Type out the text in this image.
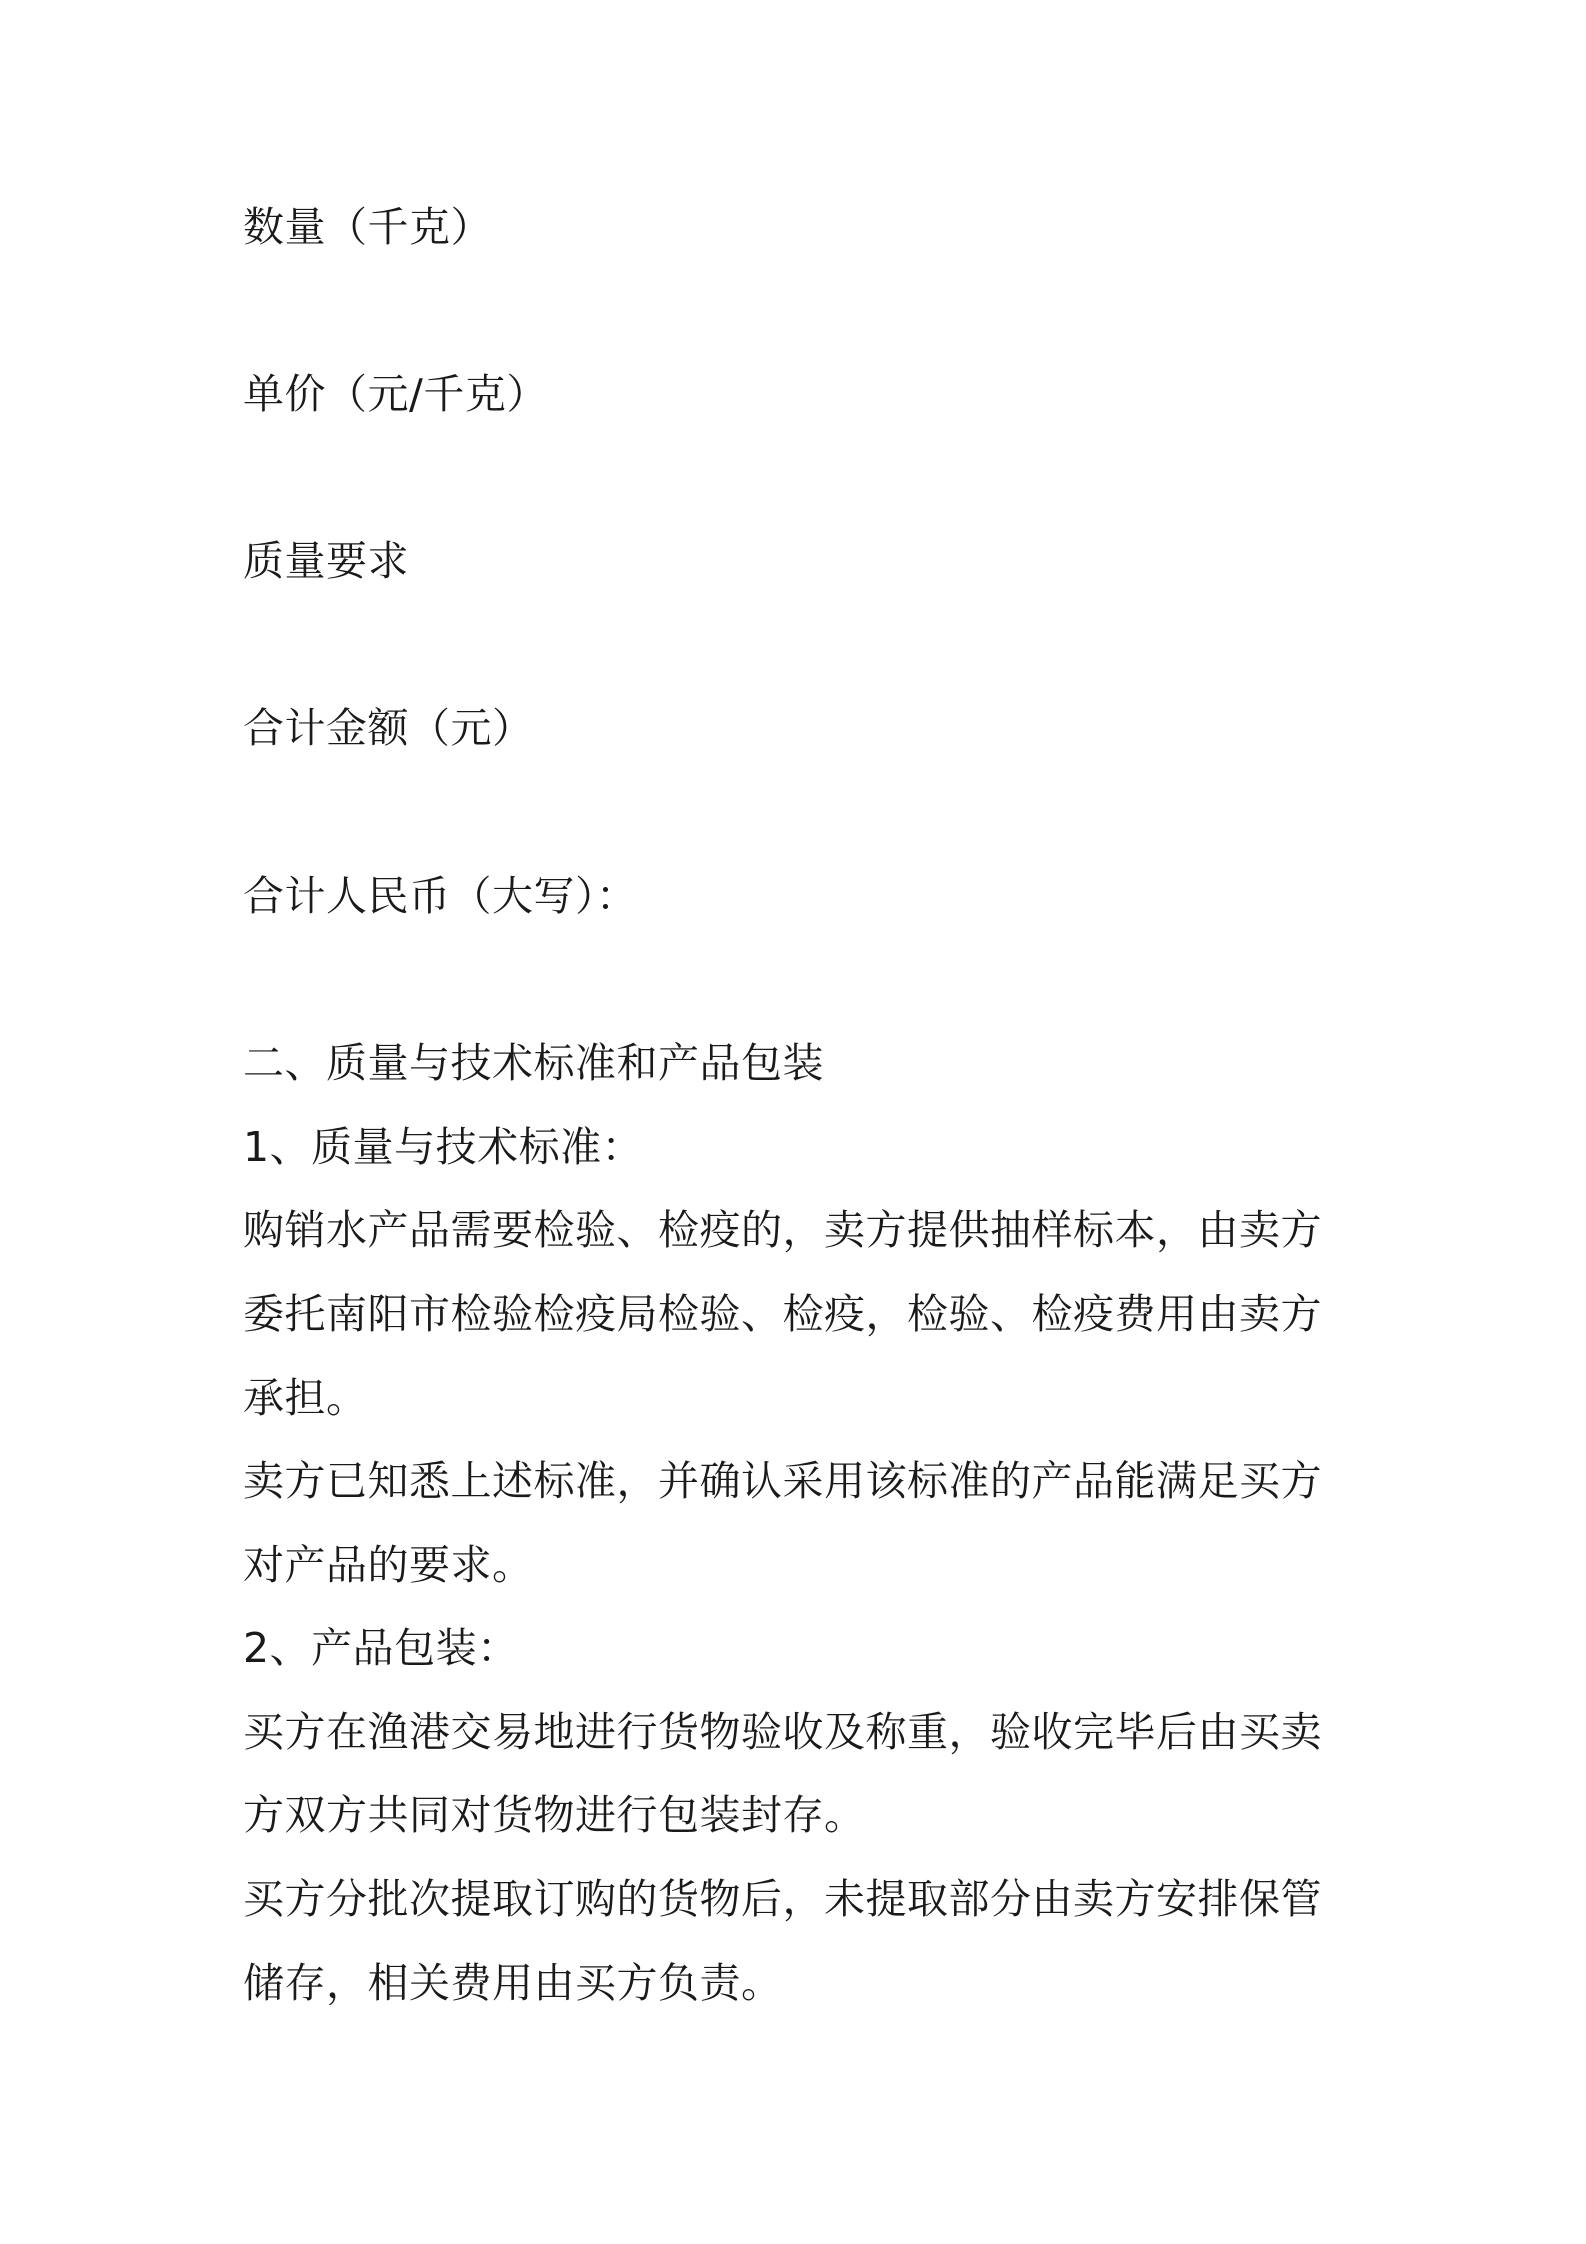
数量（千克）

单价（元/千克）

质量要求

合计金额（元）

合计人民币（大写）：

二、质量与技术标准和产品包装

1、质量与技术标准：

购销水产品需要检验、检疫的，卖方提供抽样标本，由卖方

委托南阳市检验检疫局检验、检疫，检验、检疫费用由卖方

承担。

卖方已知悉上述标准，并确认采用该标准的产品能满足买方

对产品的要求。

2、产品包装：

买方在渔港交易地进行货物验收及称重，验收完毕后由买卖

方双方共同对货物进行包装封存。

买方分批次提取订购的货物后，未提取部分由卖方安排保管

储存，相关费用由买方负责。
